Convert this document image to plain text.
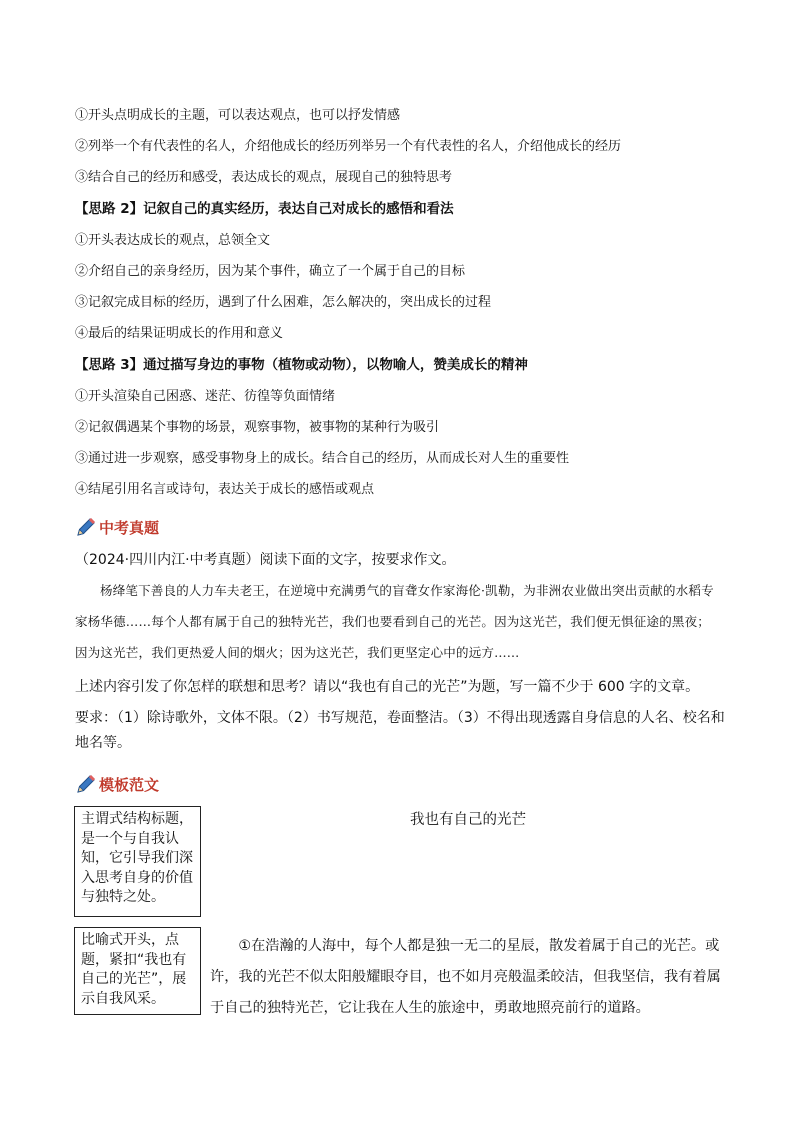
①开头点明成长的主题，可以表达观点，也可以抒发情感
②列举一个有代表性的名人，介绍他成长的经历列举另一个有代表性的名人，介绍他成长的经历
③结合自己的经历和感受，表达成长的观点，展现自己的独特思考
【思路 2】记叙自己的真实经历，表达自己对成长的感悟和看法
①开头表达成长的观点，总领全文
②介绍自己的亲身经历，因为某个事件，确立了一个属于自己的目标
③记叙完成目标的经历，遇到了什么困难，怎么解决的，突出成长的过程
④最后的结果证明成长的作用和意义
【思路 3】通过描写身边的事物（植物或动物），以物喻人，赞美成长的精神
①开头渲染自己困惑、迷茫、彷徨等负面情绪
②记叙偶遇某个事物的场景，观察事物，被事物的某种行为吸引
③通过进一步观察，感受事物身上的成长。结合自己的经历，从而成长对人生的重要性
④结尾引用名言或诗句，表达关于成长的感悟或观点
中考真题
（2024·四川内江·中考真题）阅读下面的文字，按要求作文。
杨绛笔下善良的人力车夫老王，在逆境中充满勇气的盲聋女作家海伦·凯勒，为非洲农业做出突出贡献的水稻专家杨华德……每个人都有属于自己的独特光芒，我们也要看到自己的光芒。因为这光芒，我们便无惧征途的黑夜；因为这光芒，我们更热爱人间的烟火；因为这光芒，我们更坚定心中的远方……
上述内容引发了你怎样的联想和思考？请以“我也有自己的光芒”为题，写一篇不少于 600 字的文章。
要求：（1）除诗歌外，文体不限。（2）书写规范，卷面整洁。（3）不得出现透露自身信息的人名、校名和地名等。
模板范文
主谓式结构标题，是一个与自我认知，它引导我们深入思考自身的价值与独特之处。
我也有自己的光芒
比喻式开头，点题，紧扣“我也有自己的光芒”，展示自我风采。
①在浩瀚的人海中，每个人都是独一无二的星辰，散发着属于自己的光芒。或许，我的光芒不似太阳般耀眼夺目，也不如月亮般温柔皎洁，但我坚信，我有着属于自己的独特光芒，它让我在人生的旅途中，勇敢地照亮前行的道路。
